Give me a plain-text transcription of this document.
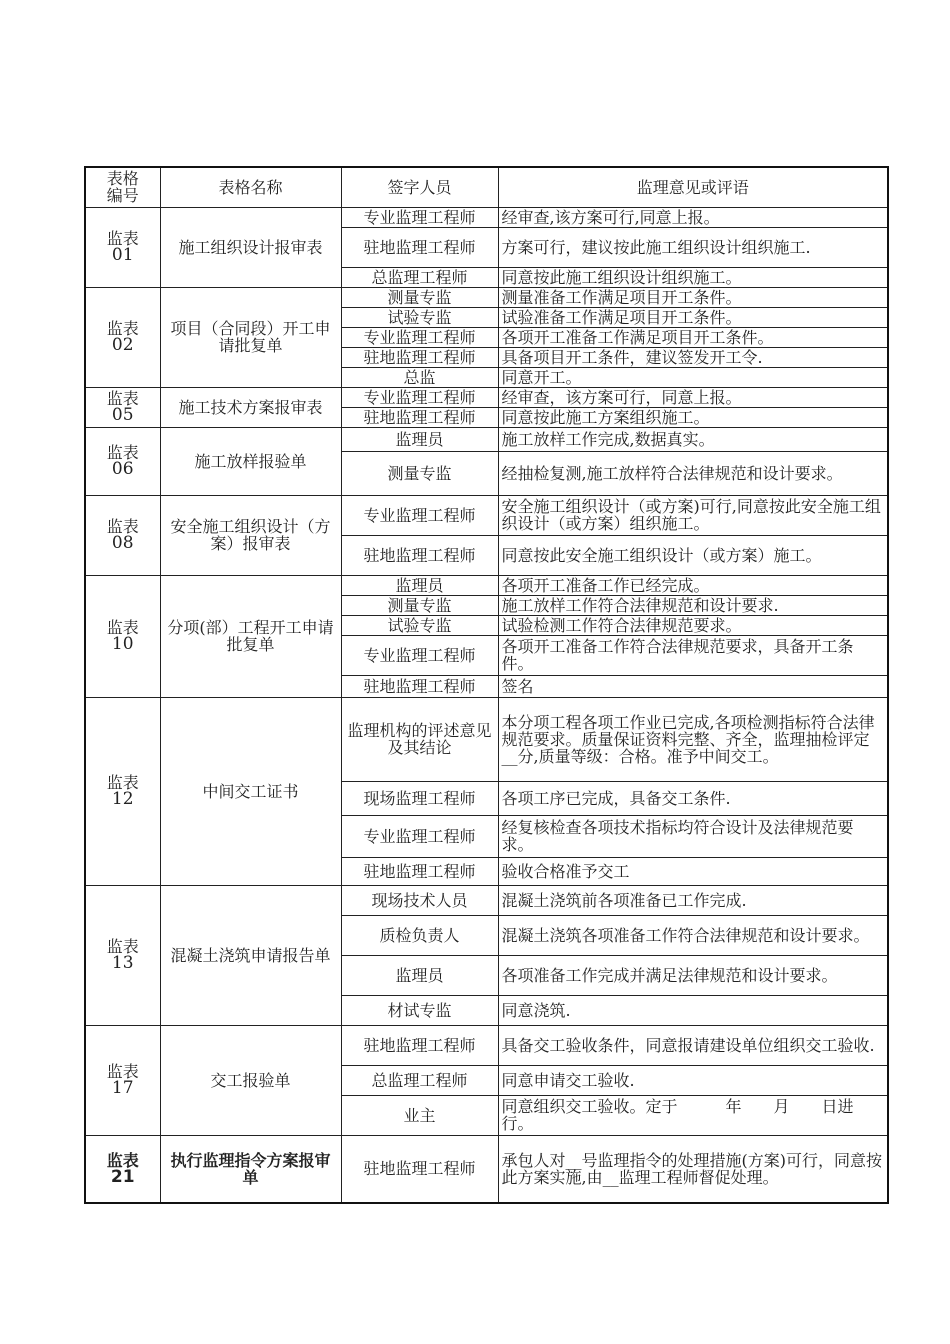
表格
编号	表格名称	签字人员	监理意见或评语

监表
01	施工组织设计报审表	专业监理工程师	经审查,该方案可行,同意上报。
		驻地监理工程师	方案可行，建议按此施工组织设计组织施工.
		总监理工程师	同意按此施工组织设计组织施工。

监表
02	项目（合同段）开工申请批复单	测量专监	测量准备工作满足项目开工条件。
		试验专监	试验准备工作满足项目开工条件。
		专业监理工程师	各项开工准备工作满足项目开工条件。
		驻地监理工程师	具备项目开工条件，建议签发开工令.
		总监	同意开工。

监表
05	施工技术方案报审表	专业监理工程师	经审查，该方案可行，同意上报。
		驻地监理工程师	同意按此施工方案组织施工。

监表
06	施工放样报验单	监理员	施工放样工作完成,数据真实。
		测量专监	经抽检复测,施工放样符合法律规范和设计要求。

监表
08	安全施工组织设计（方案）报审表	专业监理工程师	安全施工组织设计（或方案)可行,同意按此安全施工组织设计（或方案）组织施工。
		驻地监理工程师	同意按此安全施工组织设计（或方案）施工。

监表
10	分项(部）工程开工申请批复单	监理员	各项开工准备工作已经完成。
		测量专监	施工放样工作符合法律规范和设计要求.
		试验专监	试验检测工作符合法律规范要求。
		专业监理工程师	各项开工准备工作符合法律规范要求，具备开工条件。
		驻地监理工程师	签名

监表
12	中间交工证书	监理机构的评述意见及其结论	本分项工程各项工作业已完成,各项检测指标符合法律规范要求。质量保证资料完整、齐全，监理抽检评定__分,质量等级：合格。准予中间交工。
		现场监理工程师	各项工序已完成，具备交工条件.
		专业监理工程师	经复核检查各项技术指标均符合设计及法律规范要求。
		驻地监理工程师	验收合格准予交工

监表
13	混凝土浇筑申请报告单	现场技术人员	混凝土浇筑前各项准备已工作完成.
		质检负责人	混凝土浇筑各项准备工作符合法律规范和设计要求。
		监理员	各项准备工作完成并满足法律规范和设计要求。
		材试专监	同意浇筑.

监表
17	交工报验单	驻地监理工程师	具备交工验收条件，同意报请建设单位组织交工验收.
		总监理工程师	同意申请交工验收.
		业主	同意组织交工验收。定于　　　年　　月　　日进行。

监表
21	执行监理指令方案报审单	驻地监理工程师	承包人对__号监理指令的处理措施(方案)可行，同意按此方案实施,由__监理工程师督促处理。
